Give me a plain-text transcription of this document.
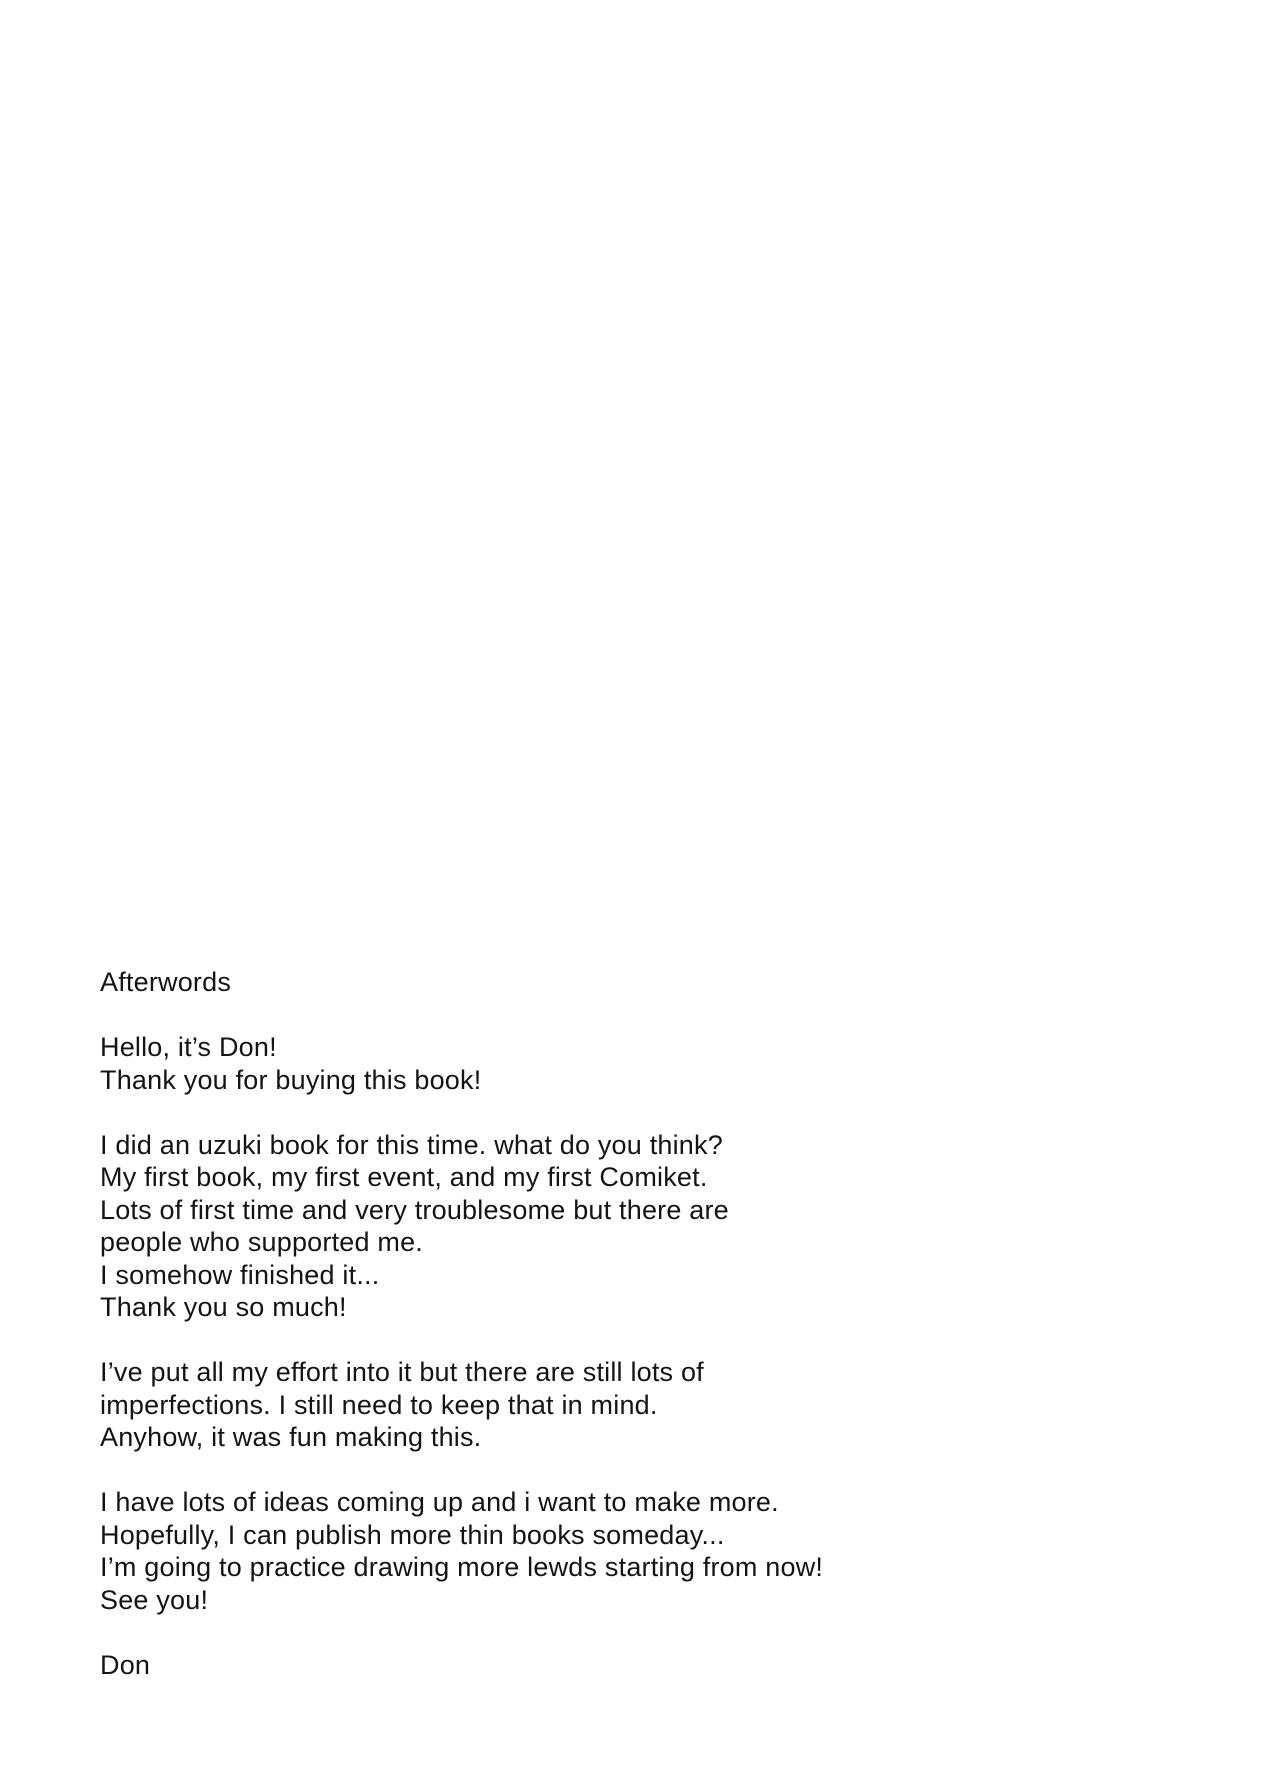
Afterwords
Hello, it’s Don!
Thank you for buying this book!
I did an uzuki book for this time. what do you think?
My first book, my first event, and my first Comiket.
Lots of first time and very troublesome but there are
people who supported me.
I somehow finished it...
Thank you so much!
I’ve put all my effort into it but there are still lots of
imperfections. I still need to keep that in mind.
Anyhow, it was fun making this.
I have lots of ideas coming up and i want to make more.
Hopefully, I can publish more thin books someday...
I’m going to practice drawing more lewds starting from now!
See you!
Don
